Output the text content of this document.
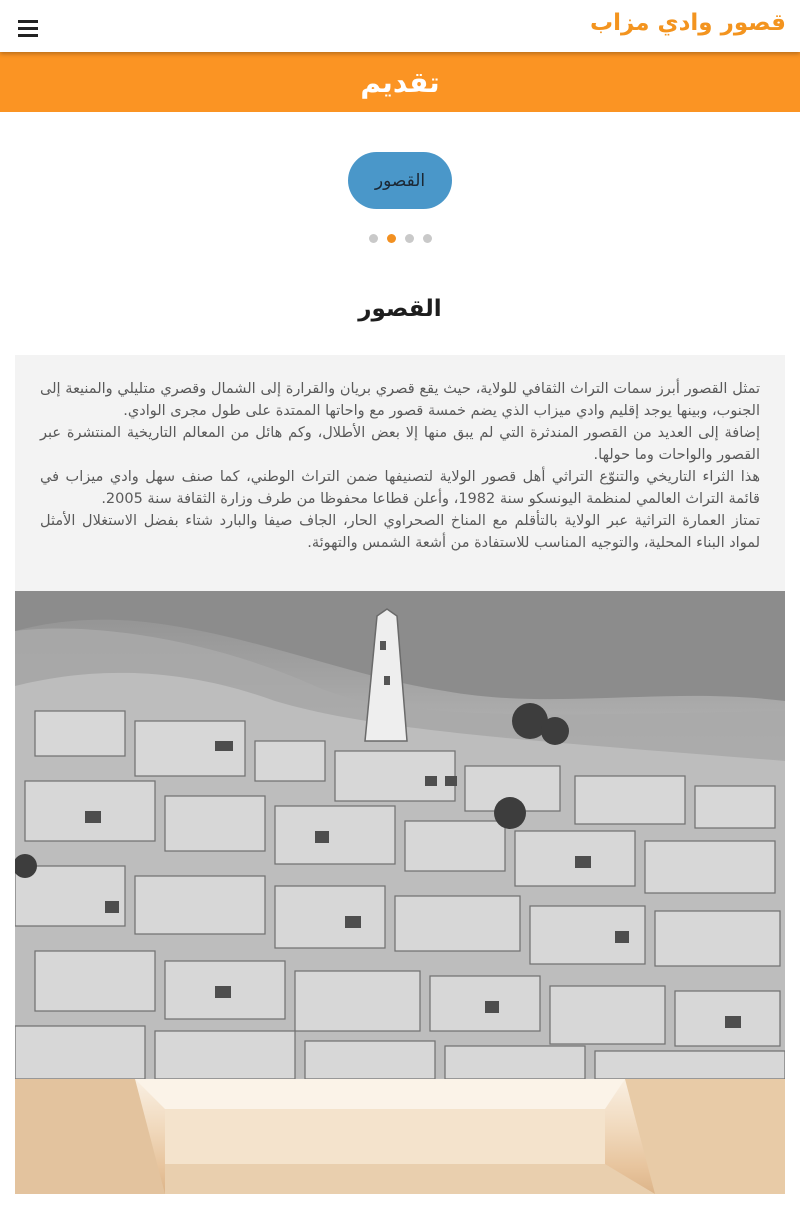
قصور وادي مزاب
تقديم
القصور
القصور

تمثل القصور أبرز سمات التراث الثقافي للولاية، حيث يقع قصري بريان والقرارة إلى الشمال وقصري متليلي والمنيعة إلى الجنوب، وبينها يوجد إقليم وادي ميزاب الذي يضم خمسة قصور مع واحاتها الممتدة على طول مجرى الوادي.

إضافة إلى العديد من القصور المندثرة التي لم يبق منها إلا بعض الأطلال، وكم هائل من المعالم التاريخية المنتشرة عبر القصور والواحات وما حولها.

هذا الثراء التاريخي والتنوّع التراثي أهل قصور الولاية لتصنيفها ضمن التراث الوطني، كما صنف سهل وادي ميزاب في قائمة التراث العالمي لمنظمة اليونسكو سنة 1982، وأعلن قطاعا محفوظا من طرف وزارة الثقافة سنة 2005.

تمتاز العمارة التراثية عبر الولاية بالتأقلم مع المناخ الصحراوي الحار، الجاف صيفا والبارد شتاء بفضل الاستغلال الأمثل لمواد البناء المحلية، والتوجيه المناسب للاستفادة من أشعة الشمس والتهوئة.
